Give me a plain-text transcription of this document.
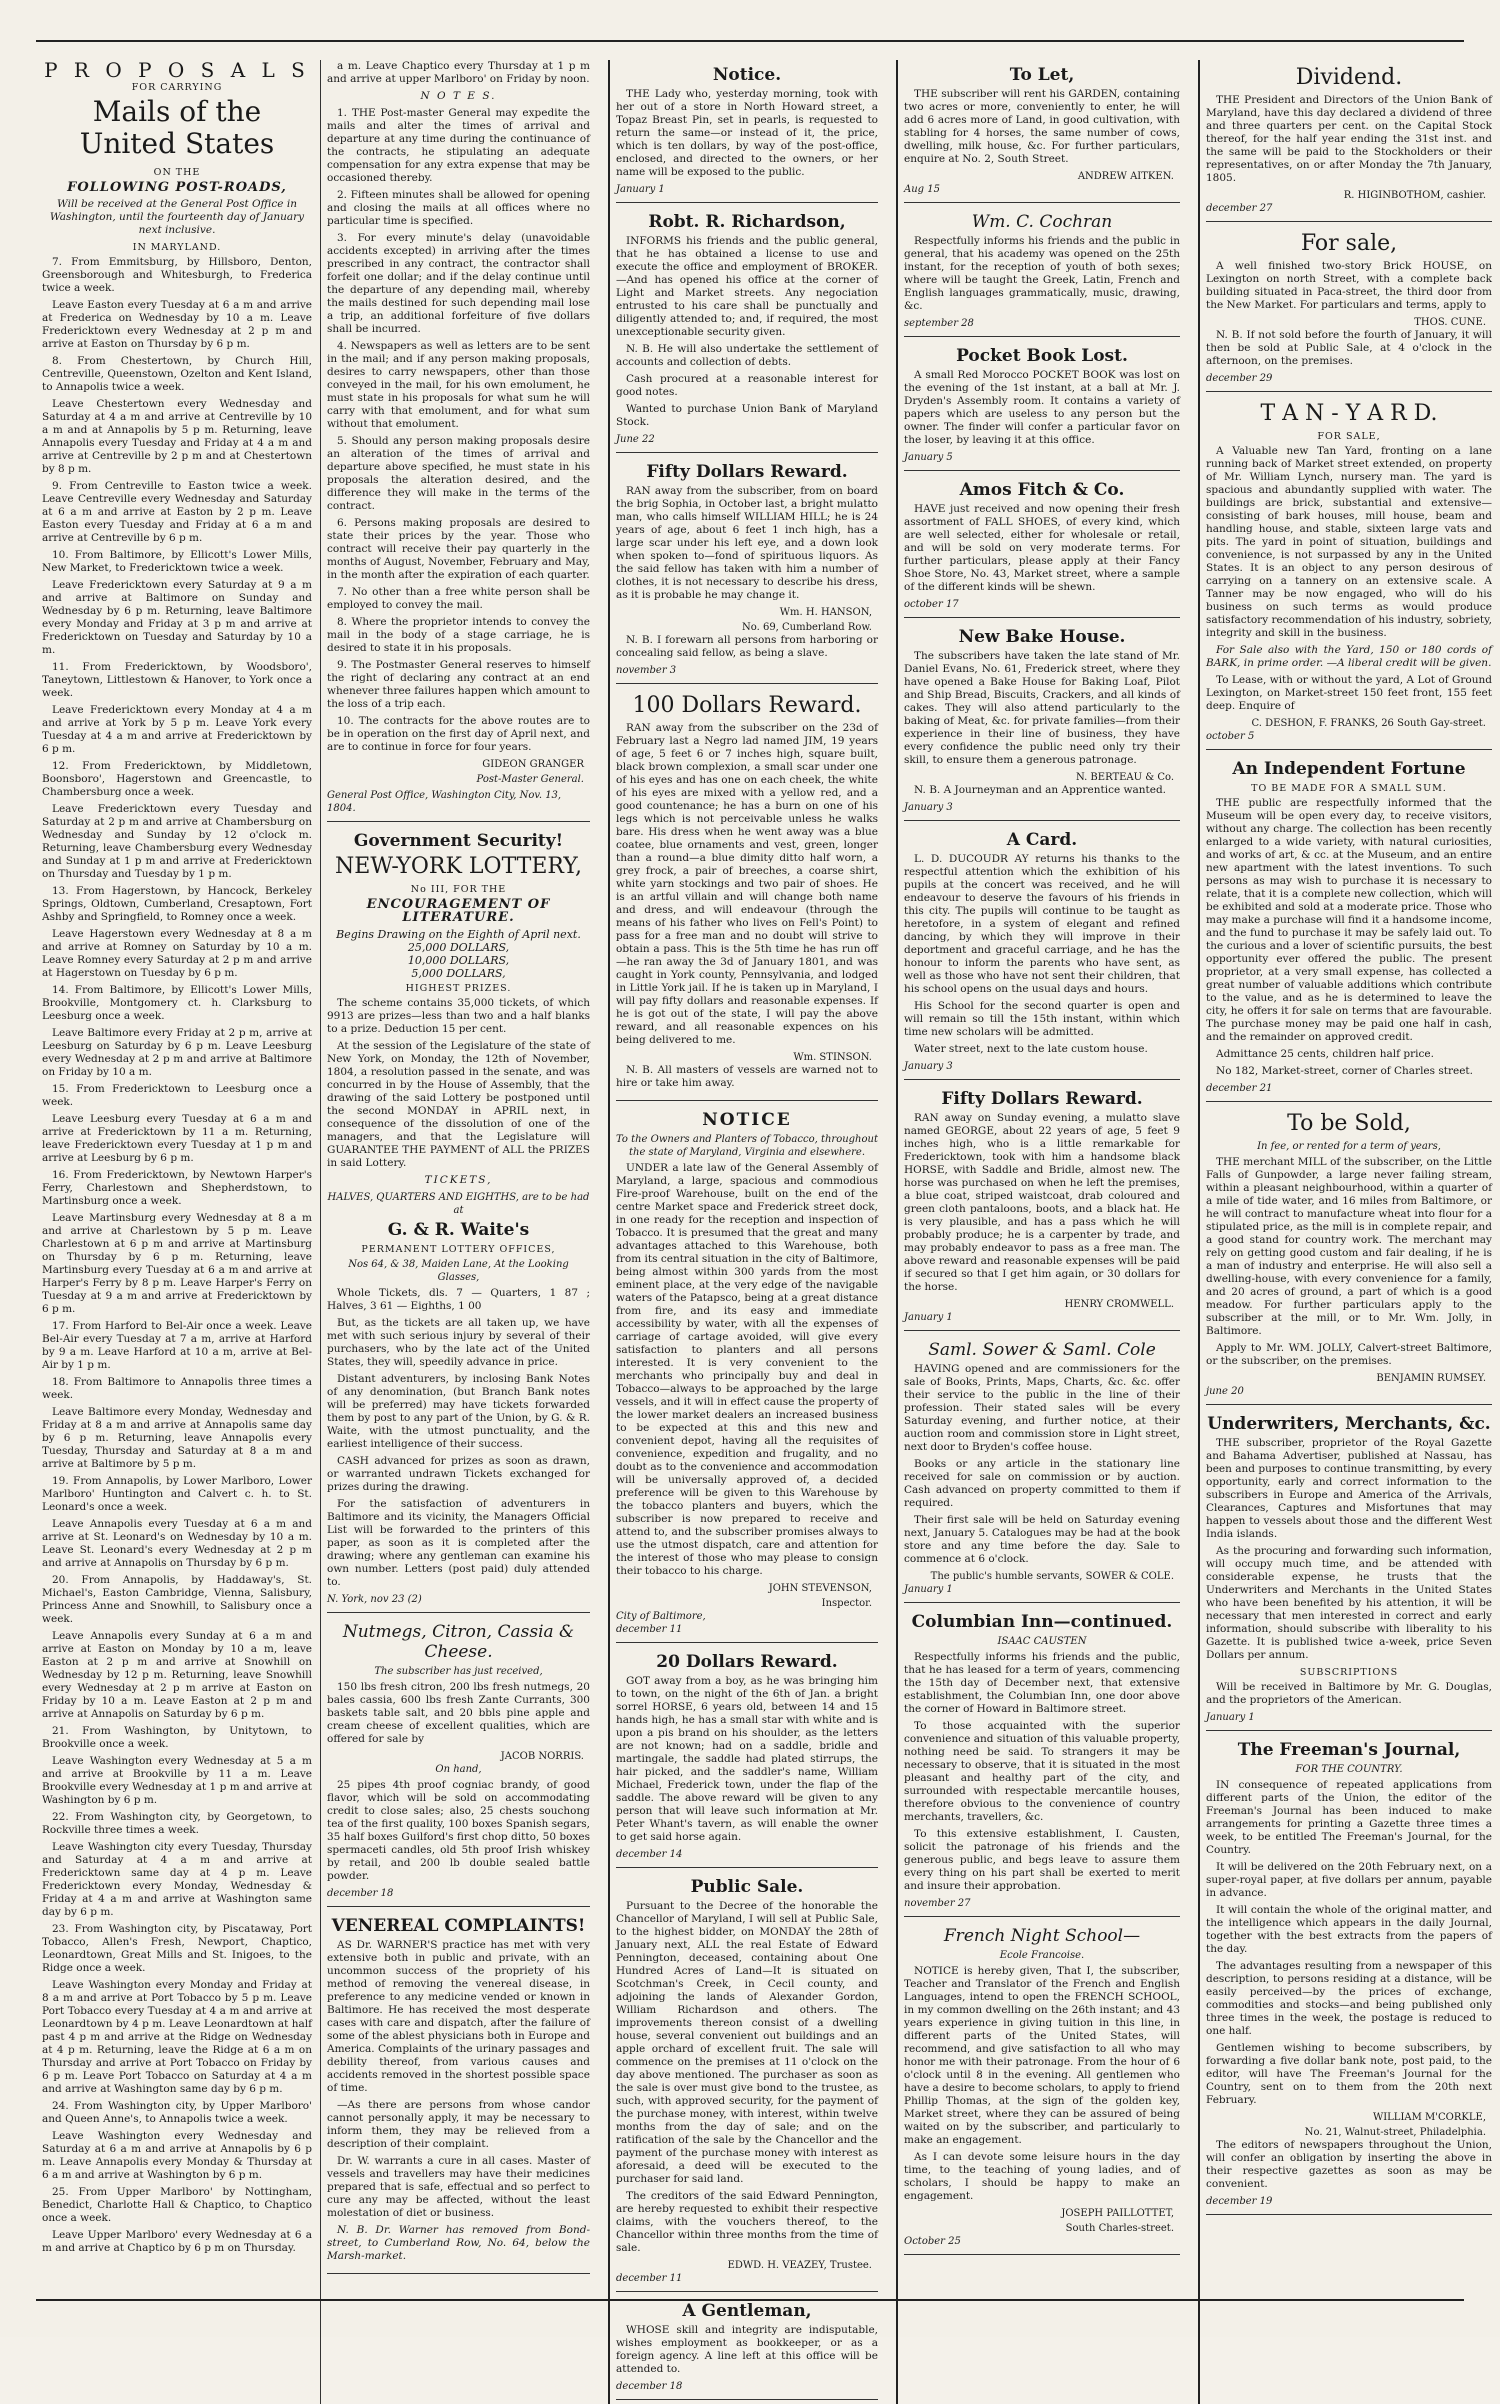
P R O P O S A L S
FOR CARRYING
Mails of the United States
ON THE
FOLLOWING POST-ROADS,

Will be received at the General Post Office in Washington, until the fourteenth day of January next inclusive.

IN MARYLAND.

7. From Emmitsburg, by Hillsboro, Denton, Greensborough and Whitesburgh, to Frederica twice a week.

Leave Easton every Tuesday at 6 a m and arrive at Frederica on Wednesday by 10 a m. Leave Fredericktown every Wednesday at 2 p m and arrive at Easton on Thursday by 6 p m.

8. From Chestertown, by Church Hill, Centreville, Queenstown, Ozelton and Kent Island, to Annapolis twice a week.

Leave Chestertown every Wednesday and Saturday at 4 a m and arrive at Centreville by 10 a m and at Annapolis by 5 p m. Returning, leave Annapolis every Tuesday and Friday at 4 a m and arrive at Centreville by 2 p m and at Chestertown by 8 p m.

9. From Centreville to Easton twice a week. Leave Centreville every Wednesday and Saturday at 6 a m and arrive at Easton by 2 p m. Leave Easton every Tuesday and Friday at 6 a m and arrive at Centreville by 6 p m.

10. From Baltimore, by Ellicott's Lower Mills, New Market, to Fredericktown twice a week.

Leave Fredericktown every Saturday at 9 a m and arrive at Baltimore on Sunday and Wednesday by 6 p m. Returning, leave Baltimore every Monday and Friday at 3 p m and arrive at Fredericktown on Tuesday and Saturday by 10 a m.

11. From Fredericktown, by Woodsboro', Taneytown, Littlestown & Hanover, to York once a week.

Leave Fredericktown every Monday at 4 a m and arrive at York by 5 p m. Leave York every Tuesday at 4 a m and arrive at Fredericktown by 6 p m.

12. From Fredericktown, by Middletown, Boonsboro', Hagerstown and Greencastle, to Chambersburg once a week.

Leave Fredericktown every Tuesday and Saturday at 2 p m and arrive at Chambersburg on Wednesday and Sunday by 12 o'clock m. Returning, leave Chambersburg every Wednesday and Sunday at 1 p m and arrive at Fredericktown on Thursday and Tuesday by 1 p m.

13. From Hagerstown, by Hancock, Berkeley Springs, Oldtown, Cumberland, Cresaptown, Fort Ashby and Springfield, to Romney once a week.

Leave Hagerstown every Wednesday at 8 a m and arrive at Romney on Saturday by 10 a m. Leave Romney every Saturday at 2 p m and arrive at Hagerstown on Tuesday by 6 p m.

14. From Baltimore, by Ellicott's Lower Mills, Brookville, Montgomery ct. h. Clarksburg to Leesburg once a week.

Leave Baltimore every Friday at 2 p m, arrive at Leesburg on Saturday by 6 p m. Leave Leesburg every Wednesday at 2 p m and arrive at Baltimore on Friday by 10 a m.

15. From Fredericktown to Leesburg once a week.

Leave Leesburg every Tuesday at 6 a m and arrive at Fredericktown by 11 a m. Returning, leave Fredericktown every Tuesday at 1 p m and arrive at Leesburg by 6 p m.

16. From Fredericktown, by Newtown Harper's Ferry, Charlestown and Shepherdstown, to Martinsburg once a week.

Leave Martinsburg every Wednesday at 8 a m and arrive at Charlestown by 5 p m. Leave Charlestown at 6 p m and arrive at Martinsburg on Thursday by 6 p m. Returning, leave Martinsburg every Tuesday at 6 a m and arrive at Harper's Ferry by 8 p m. Leave Harper's Ferry on Tuesday at 9 a m and arrive at Fredericktown by 6 p m.

17. From Harford to Bel-Air once a week. Leave Bel-Air every Tuesday at 7 a m, arrive at Harford by 9 a m. Leave Harford at 10 a m, arrive at Bel-Air by 1 p m.

18. From Baltimore to Annapolis three times a week.

Leave Baltimore every Monday, Wednesday and Friday at 8 a m and arrive at Annapolis same day by 6 p m. Returning, leave Annapolis every Tuesday, Thursday and Saturday at 8 a m and arrive at Baltimore by 5 p m.

19. From Annapolis, by Lower Marlboro, Lower Marlboro' Huntington and Calvert c. h. to St. Leonard's once a week.

Leave Annapolis every Tuesday at 6 a m and arrive at St. Leonard's on Wednesday by 10 a m. Leave St. Leonard's every Wednesday at 2 p m and arrive at Annapolis on Thursday by 6 p m.

20. From Annapolis, by Haddaway's, St. Michael's, Easton Cambridge, Vienna, Salisbury, Princess Anne and Snowhill, to Salisbury once a week.

Leave Annapolis every Sunday at 6 a m and arrive at Easton on Monday by 10 a m, leave Easton at 2 p m and arrive at Snowhill on Wednesday by 12 p m. Returning, leave Snowhill every Wednesday at 2 p m arrive at Easton on Friday by 10 a m. Leave Easton at 2 p m and arrive at Annapolis on Saturday by 6 p m.

21. From Washington, by Unitytown, to Brookville once a week.

Leave Washington every Wednesday at 5 a m and arrive at Brookville by 11 a m. Leave Brookville every Wednesday at 1 p m and arrive at Washington by 6 p m.

22. From Washington city, by Georgetown, to Rockville three times a week.

Leave Washington city every Tuesday, Thursday and Saturday at 4 a m and arrive at Fredericktown same day at 4 p m. Leave Fredericktown every Monday, Wednesday & Friday at 4 a m and arrive at Washington same day by 6 p m.

23. From Washington city, by Piscataway, Port Tobacco, Allen's Fresh, Newport, Chaptico, Leonardtown, Great Mills and St. Inigoes, to the Ridge once a week.

Leave Washington every Monday and Friday at 8 a m and arrive at Port Tobacco by 5 p m. Leave Port Tobacco every Tuesday at 4 a m and arrive at Leonardtown by 4 p m. Leave Leonardtown at half past 4 p m and arrive at the Ridge on Wednesday at 4 p m. Returning, leave the Ridge at 6 a m on Thursday and arrive at Port Tobacco on Friday by 6 p m. Leave Port Tobacco on Saturday at 4 a m and arrive at Washington same day by 6 p m.

24. From Washington city, by Upper Marlboro' and Queen Anne's, to Annapolis twice a week.

Leave Washington every Wednesday and Saturday at 6 a m and arrive at Annapolis by 6 p m. Leave Annapolis every Monday & Thursday at 6 a m and arrive at Washington by 6 p m.

25. From Upper Marlboro' by Nottingham, Benedict, Charlotte Hall & Chaptico, to Chaptico once a week.

Leave Upper Marlboro' every Wednesday at 6 a m and arrive at Chaptico by 6 p m on Thursday.

a m. Leave Chaptico every Thursday at 1 p m and arrive at upper Marlboro' on Friday by noon.

N O T E S.

1. THE Post-master General may expedite the mails and alter the times of arrival and departure at any time during the continuance of the contracts, he stipulating an adequate compensation for any extra expense that may be occasioned thereby.

2. Fifteen minutes shall be allowed for opening and closing the mails at all offices where no particular time is specified.

3. For every minute's delay (unavoidable accidents excepted) in arriving after the times prescribed in any contract, the contractor shall forfeit one dollar; and if the delay continue until the departure of any depending mail, whereby the mails destined for such depending mail lose a trip, an additional forfeiture of five dollars shall be incurred.

4. Newspapers as well as letters are to be sent in the mail; and if any person making proposals, desires to carry newspapers, other than those conveyed in the mail, for his own emolument, he must state in his proposals for what sum he will carry with that emolument, and for what sum without that emolument.

5. Should any person making proposals desire an alteration of the times of arrival and departure above specified, he must state in his proposals the alteration desired, and the difference they will make in the terms of the contract.

6. Persons making proposals are desired to state their prices by the year. Those who contract will receive their pay quarterly in the months of August, November, February and May, in the month after the expiration of each quarter.

7. No other than a free white person shall be employed to convey the mail.

8. Where the proprietor intends to convey the mail in the body of a stage carriage, he is desired to state it in his proposals.

9. The Postmaster General reserves to himself the right of declaring any contract at an end whenever three failures happen which amount to the loss of a trip each.

10. The contracts for the above routes are to be in operation on the first day of April next, and are to continue in force for four years.

GIDEON GRANGER
Post-Master General.
General Post Office, Washington City, Nov. 13, 1804.
Government Security!
NEW-YORK LOTTERY,
No III, FOR THE
ENCOURAGEMENT OF LITERATURE.
Begins Drawing on the Eighth of April next.
25,000 DOLLARS,
10,000 DOLLARS,
5,000 DOLLARS,
HIGHEST PRIZES.

The scheme contains 35,000 tickets, of which 9913 are prizes—less than two and a half blanks to a prize. Deduction 15 per cent.

At the session of the Legislature of the state of New York, on Monday, the 12th of November, 1804, a resolution passed in the senate, and was concurred in by the House of Assembly, that the drawing of the said Lottery be postponed until the second MONDAY in APRIL next, in consequence of the dissolution of one of the managers, and that the Legislature will GUARANTEE THE PAYMENT of ALL the PRIZES in said Lottery.

TICKETS,
HALVES, QUARTERS AND EIGHTHS, are to be had at
G. & R. Waite's
PERMANENT LOTTERY OFFICES,
Nos 64, & 38, Maiden Lane, At the Looking Glasses,

Whole Tickets, dls. 7 — Quarters, 1 87 ; Halves, 3 61 — Eighths, 1 00

But, as the tickets are all taken up, we have met with such serious injury by several of their purchasers, who by the late act of the United States, they will, speedily advance in price.

Distant adventurers, by inclosing Bank Notes of any denomination, (but Branch Bank notes will be preferred) may have tickets forwarded them by post to any part of the Union, by G. & R. Waite, with the utmost punctuality, and the earliest intelligence of their success.

CASH advanced for prizes as soon as drawn, or warranted undrawn Tickets exchanged for prizes during the drawing.

For the satisfaction of adventurers in Baltimore and its vicinity, the Managers Official List will be forwarded to the printers of this paper, as soon as it is completed after the drawing; where any gentleman can examine his own number. Letters (post paid) duly attended to.

N. York, nov 23 (2)
Nutmegs, Citron, Cassia & Cheese.
The subscriber has just received,

150 lbs fresh citron, 200 lbs fresh nutmegs, 20 bales cassia, 600 lbs fresh Zante Currants, 300 baskets table salt, and 20 bbls pine apple and cream cheese of excellent qualities, which are offered for sale by

JACOB NORRIS.
On hand,

25 pipes 4th proof cogniac brandy, of good flavor, which will be sold on accommodating credit to close sales; also, 25 chests souchong tea of the first quality, 100 boxes Spanish segars, 35 half boxes Guilford's first chop ditto, 50 boxes spermaceti candles, old 5th proof Irish whiskey by retail, and 200 lb double sealed battle powder.

december 18
VENEREAL COMPLAINTS!

AS Dr. WARNER'S practice has met with very extensive both in public and private, with an uncommon success of the propriety of his method of removing the venereal disease, in preference to any medicine vended or known in Baltimore. He has received the most desperate cases with care and dispatch, after the failure of some of the ablest physicians both in Europe and America. Complaints of the urinary passages and debility thereof, from various causes and accidents removed in the shortest possible space of time.

—As there are persons from whose candor cannot personally apply, it may be necessary to inform them, they may be relieved from a description of their complaint.

Dr. W. warrants a cure in all cases. Master of vessels and travellers may have their medicines prepared that is safe, effectual and so perfect to cure any may be affected, without the least molestation of diet or business.

N. B. Dr. Warner has removed from Bond-street, to Cumberland Row, No. 64, below the Marsh-market.

Notice.

THE Lady who, yesterday morning, took with her out of a store in North Howard street, a Topaz Breast Pin, set in pearls, is requested to return the same—or instead of it, the price, which is ten dollars, by way of the post-office, enclosed, and directed to the owners, or her name will be exposed to the public.

January 1
Robt. R. Richardson,

INFORMS his friends and the public general, that he has obtained a license to use and execute the office and employment of BROKER. —And has opened his office at the corner of Light and Market streets. Any negociation entrusted to his care shall be punctually and diligently attended to; and, if required, the most unexceptionable security given.

N. B. He will also undertake the settlement of accounts and collection of debts.

Cash procured at a reasonable interest for good notes.

Wanted to purchase Union Bank of Maryland Stock.

June 22
Fifty Dollars Reward.

RAN away from the subscriber, from on board the brig Sophia, in October last, a bright mulatto man, who calls himself WILLIAM HILL; he is 24 years of age, about 6 feet 1 inch high, has a large scar under his left eye, and a down look when spoken to—fond of spirituous liquors. As the said fellow has taken with him a number of clothes, it is not necessary to describe his dress, as it is probable he may change it.

Wm. H. HANSON,
No. 69, Cumberland Row.

N. B. I forewarn all persons from harboring or concealing said fellow, as being a slave.

november 3
100 Dollars Reward.

RAN away from the subscriber on the 23d of February last a Negro lad named JIM, 19 years of age, 5 feet 6 or 7 inches high, square built, black brown complexion, a small scar under one of his eyes and has one on each cheek, the white of his eyes are mixed with a yellow red, and a good countenance; he has a burn on one of his legs which is not perceivable unless he walks bare. His dress when he went away was a blue coatee, blue ornaments and vest, green, longer than a round—a blue dimity ditto half worn, a grey frock, a pair of breeches, a coarse shirt, white yarn stockings and two pair of shoes. He is an artful villain and will change both name and dress, and will endeavour (through the means of his father who lives on Fell's Point) to pass for a free man and no doubt will strive to obtain a pass. This is the 5th time he has run off—he ran away the 3d of January 1801, and was caught in York county, Pennsylvania, and lodged in Little York jail. If he is taken up in Maryland, I will pay fifty dollars and reasonable expenses. If he is got out of the state, I will pay the above reward, and all reasonable expences on his being delivered to me.

Wm. STINSON.

N. B. All masters of vessels are warned not to hire or take him away.

NOTICE
To the Owners and Planters of Tobacco, throughout the state of Maryland, Virginia and elsewhere.

UNDER a late law of the General Assembly of Maryland, a large, spacious and commodious Fire-proof Warehouse, built on the end of the centre Market space and Frederick street dock, in one ready for the reception and inspection of Tobacco. It is presumed that the great and many advantages attached to this Warehouse, both from its central situation in the city of Baltimore, being almost within 300 yards from the most eminent place, at the very edge of the navigable waters of the Patapsco, being at a great distance from fire, and its easy and immediate accessibility by water, with all the expenses of carriage of cartage avoided, will give every satisfaction to planters and all persons interested. It is very convenient to the merchants who principally buy and deal in Tobacco—always to be approached by the large vessels, and it will in effect cause the property of the lower market dealers an increased business to be expected at this and this new and convenient depot, having all the requisites of convenience, expedition and frugality, and no doubt as to the convenience and accommodation will be universally approved of, a decided preference will be given to this Warehouse by the tobacco planters and buyers, which the subscriber is now prepared to receive and attend to, and the subscriber promises always to use the utmost dispatch, care and attention for the interest of those who may please to consign their tobacco to his charge.

JOHN STEVENSON,
Inspector.
City of Baltimore,
december 11
20 Dollars Reward.

GOT away from a boy, as he was bringing him to town, on the night of the 6th of Jan. a bright sorrel HORSE, 6 years old, between 14 and 15 hands high, he has a small star with white and is upon a pis brand on his shoulder, as the letters are not known; had on a saddle, bridle and martingale, the saddle had plated stirrups, the hair picked, and the saddler's name, William Michael, Frederick town, under the flap of the saddle. The above reward will be given to any person that will leave such information at Mr. Peter Whant's tavern, as will enable the owner to get said horse again.

december 14
Public Sale.

Pursuant to the Decree of the honorable the Chancellor of Maryland, I will sell at Public Sale, to the highest bidder, on MONDAY the 28th of January next, ALL the real Estate of Edward Pennington, deceased, containing about One Hundred Acres of Land—It is situated on Scotchman's Creek, in Cecil county, and adjoining the lands of Alexander Gordon, William Richardson and others. The improvements thereon consist of a dwelling house, several convenient out buildings and an apple orchard of excellent fruit. The sale will commence on the premises at 11 o'clock on the day above mentioned. The purchaser as soon as the sale is over must give bond to the trustee, as such, with approved security, for the payment of the purchase money, with interest, within twelve months from the day of sale; and on the ratification of the sale by the Chancellor and the payment of the purchase money with interest as aforesaid, a deed will be executed to the purchaser for said land.

The creditors of the said Edward Pennington, are hereby requested to exhibit their respective claims, with the vouchers thereof, to the Chancellor within three months from the time of sale.

EDWD. H. VEAZEY, Trustee.
december 11
A Gentleman,

WHOSE skill and integrity are indisputable, wishes employment as bookkeeper, or as a foreign agency. A line left at this office will be attended to.

december 18
To Let,

THE subscriber will rent his GARDEN, containing two acres or more, conveniently to enter, he will add 6 acres more of Land, in good cultivation, with stabling for 4 horses, the same number of cows, dwelling, milk house, &c. For further particulars, enquire at No. 2, South Street.

ANDREW AITKEN.
Aug 15
Wm. C. Cochran

Respectfully informs his friends and the public in general, that his academy was opened on the 25th instant, for the reception of youth of both sexes; where will be taught the Greek, Latin, French and English languages grammatically, music, drawing, &c.

september 28
Pocket Book Lost.

A small Red Morocco POCKET BOOK was lost on the evening of the 1st instant, at a ball at Mr. J. Dryden's Assembly room. It contains a variety of papers which are useless to any person but the owner. The finder will confer a particular favor on the loser, by leaving it at this office.

January 5
Amos Fitch & Co.

HAVE just received and now opening their fresh assortment of FALL SHOES, of every kind, which are well selected, either for wholesale or retail, and will be sold on very moderate terms. For further particulars, please apply at their Fancy Shoe Store, No. 43, Market street, where a sample of the different kinds will be shewn.

october 17
New Bake House.

The subscribers have taken the late stand of Mr. Daniel Evans, No. 61, Frederick street, where they have opened a Bake House for Baking Loaf, Pilot and Ship Bread, Biscuits, Crackers, and all kinds of cakes. They will also attend particularly to the baking of Meat, &c. for private families—from their experience in their line of business, they have every confidence the public need only try their skill, to ensure them a generous patronage.

N. BERTEAU & Co.

N. B. A Journeyman and an Apprentice wanted.

January 3
A Card.

L. D. DUCOUDR AY returns his thanks to the respectful attention which the exhibition of his pupils at the concert was received, and he will endeavour to deserve the favours of his friends in this city. The pupils will continue to be taught as heretofore, in a system of elegant and refined dancing, by which they will improve in their deportment and graceful carriage, and he has the honour to inform the parents who have sent, as well as those who have not sent their children, that his school opens on the usual days and hours.

His School for the second quarter is open and will remain so till the 15th instant, within which time new scholars will be admitted.

Water street, next to the late custom house.

January 3
Fifty Dollars Reward.

RAN away on Sunday evening, a mulatto slave named GEORGE, about 22 years of age, 5 feet 9 inches high, who is a little remarkable for Fredericktown, took with him a handsome black HORSE, with Saddle and Bridle, almost new. The horse was purchased on when he left the premises, a blue coat, striped waistcoat, drab coloured and green cloth pantaloons, boots, and a black hat. He is very plausible, and has a pass which he will probably produce; he is a carpenter by trade, and may probably endeavor to pass as a free man. The above reward and reasonable expenses will be paid if secured so that I get him again, or 30 dollars for the horse.

HENRY CROMWELL.
January 1
Saml. Sower & Saml. Cole

HAVING opened and are commissioners for the sale of Books, Prints, Maps, Charts, &c. &c. offer their service to the public in the line of their profession. Their stated sales will be every Saturday evening, and further notice, at their auction room and commission store in Light street, next door to Bryden's coffee house.

Books or any article in the stationary line received for sale on commission or by auction. Cash advanced on property committed to them if required.

Their first sale will be held on Saturday evening next, January 5. Catalogues may be had at the book store and any time before the day. Sale to commence at 6 o'clock.

The public's humble servants, SOWER & COLE.
January 1
Columbian Inn—continued.
ISAAC CAUSTEN

Respectfully informs his friends and the public, that he has leased for a term of years, commencing the 15th day of December next, that extensive establishment, the Columbian Inn, one door above the corner of Howard in Baltimore street.

To those acquainted with the superior convenience and situation of this valuable property, nothing need be said. To strangers it may be necessary to observe, that it is situated in the most pleasant and healthy part of the city, and surrounded with respectable mercantile houses, therefore obvious to the convenience of country merchants, travellers, &c.

To this extensive establishment, I. Causten, solicit the patronage of his friends and the generous public, and begs leave to assure them every thing on his part shall be exerted to merit and insure their approbation.

november 27
French Night School—
Ecole Francoise.

NOTICE is hereby given, That I, the subscriber, Teacher and Translator of the French and English Languages, intend to open the FRENCH SCHOOL, in my common dwelling on the 26th instant; and 43 years experience in giving tuition in this line, in different parts of the United States, will recommend, and give satisfaction to all who may honor me with their patronage. From the hour of 6 o'clock until 8 in the evening. All gentlemen who have a desire to become scholars, to apply to friend Phillip Thomas, at the sign of the golden key, Market street, where they can be assured of being waited on by the subscriber, and particularly to make an engagement.

As I can devote some leisure hours in the day time, to the teaching of young ladies, and of scholars, I should be happy to make an engagement.

JOSEPH PAILLOTTET,
South Charles-street.
October 25
Dividend.

THE President and Directors of the Union Bank of Maryland, have this day declared a dividend of three and three quarters per cent. on the Capital Stock thereof, for the half year ending the 31st inst. and the same will be paid to the Stockholders or their representatives, on or after Monday the 7th January, 1805.

R. HIGINBOTHOM, cashier.
december 27
For sale,

A well finished two-story Brick HOUSE, on Lexington on north Street, with a complete back building situated in Paca-street, the third door from the New Market. For particulars and terms, apply to

THOS. CUNE.

N. B. If not sold before the fourth of January, it will then be sold at Public Sale, at 4 o'clock in the afternoon, on the premises.

december 29
T A N - Y A R D.
FOR SALE,

A Valuable new Tan Yard, fronting on a lane running back of Market street extended, on property of Mr. William Lynch, nursery man. The yard is spacious and abundantly supplied with water. The buildings are brick, substantial and extensive—consisting of bark houses, mill house, beam and handling house, and stable, sixteen large vats and pits. The yard in point of situation, buildings and convenience, is not surpassed by any in the United States. It is an object to any person desirous of carrying on a tannery on an extensive scale. A Tanner may be now engaged, who will do his business on such terms as would produce satisfactory recommendation of his industry, sobriety, integrity and skill in the business.

For Sale also with the Yard, 150 or 180 cords of BARK, in prime order. —A liberal credit will be given.

To Lease, with or without the yard, A Lot of Ground Lexington, on Market-street 150 feet front, 155 feet deep. Enquire of

C. DESHON, F. FRANKS, 26 South Gay-street.
october 5
An Independent Fortune
TO BE MADE FOR A SMALL SUM.

THE public are respectfully informed that the Museum will be open every day, to receive visitors, without any charge. The collection has been recently enlarged to a wide variety, with natural curiosities, and works of art, & cc. at the Museum, and an entire new apartment with the latest inventions. To such persons as may wish to purchase it is necessary to relate, that it is a complete new collection, which will be exhibited and sold at a moderate price. Those who may make a purchase will find it a handsome income, and the fund to purchase it may be safely laid out. To the curious and a lover of scientific pursuits, the best opportunity ever offered the public. The present proprietor, at a very small expense, has collected a great number of valuable additions which contribute to the value, and as he is determined to leave the city, he offers it for sale on terms that are favourable. The purchase money may be paid one half in cash, and the remainder on approved credit.

Admittance 25 cents, children half price.

No 182, Market-street, corner of Charles street.

december 21
To be Sold,
In fee, or rented for a term of years,

THE merchant MILL of the subscriber, on the Little Falls of Gunpowder, a large never failing stream, within a pleasant neighbourhood, within a quarter of a mile of tide water, and 16 miles from Baltimore, or he will contract to manufacture wheat into flour for a stipulated price, as the mill is in complete repair, and a good stand for country work. The merchant may rely on getting good custom and fair dealing, if he is a man of industry and enterprise. He will also sell a dwelling-house, with every convenience for a family, and 20 acres of ground, a part of which is a good meadow. For further particulars apply to the subscriber at the mill, or to Mr. Wm. Jolly, in Baltimore.

Apply to Mr. WM. JOLLY, Calvert-street Baltimore, or the subscriber, on the premises.

BENJAMIN RUMSEY.
june 20
Underwriters, Merchants, &c.

THE subscriber, proprietor of the Royal Gazette and Bahama Advertiser, published at Nassau, has been and purposes to continue transmitting, by every opportunity, early and correct information to the subscribers in Europe and America of the Arrivals, Clearances, Captures and Misfortunes that may happen to vessels about those and the different West India islands.

As the procuring and forwarding such information, will occupy much time, and be attended with considerable expense, he trusts that the Underwriters and Merchants in the United States who have been benefited by his attention, it will be necessary that men interested in correct and early information, should subscribe with liberality to his Gazette. It is published twice a-week, price Seven Dollars per annum.

SUBSCRIPTIONS

Will be received in Baltimore by Mr. G. Douglas, and the proprietors of the American.

January 1
The Freeman's Journal,
FOR THE COUNTRY.

IN consequence of repeated applications from different parts of the Union, the editor of the Freeman's Journal has been induced to make arrangements for printing a Gazette three times a week, to be entitled The Freeman's Journal, for the Country.

It will be delivered on the 20th February next, on a super-royal paper, at five dollars per annum, payable in advance.

It will contain the whole of the original matter, and the intelligence which appears in the daily Journal, together with the best extracts from the papers of the day.

The advantages resulting from a newspaper of this description, to persons residing at a distance, will be easily perceived—by the prices of exchange, commodities and stocks—and being published only three times in the week, the postage is reduced to one half.

Gentlemen wishing to become subscribers, by forwarding a five dollar bank note, post paid, to the editor, will have The Freeman's Journal for the Country, sent on to them from the 20th next February.

WILLIAM M'CORKLE,
No. 21, Walnut-street, Philadelphia.

The editors of newspapers throughout the Union, will confer an obligation by inserting the above in their respective gazettes as soon as may be convenient.

december 19
